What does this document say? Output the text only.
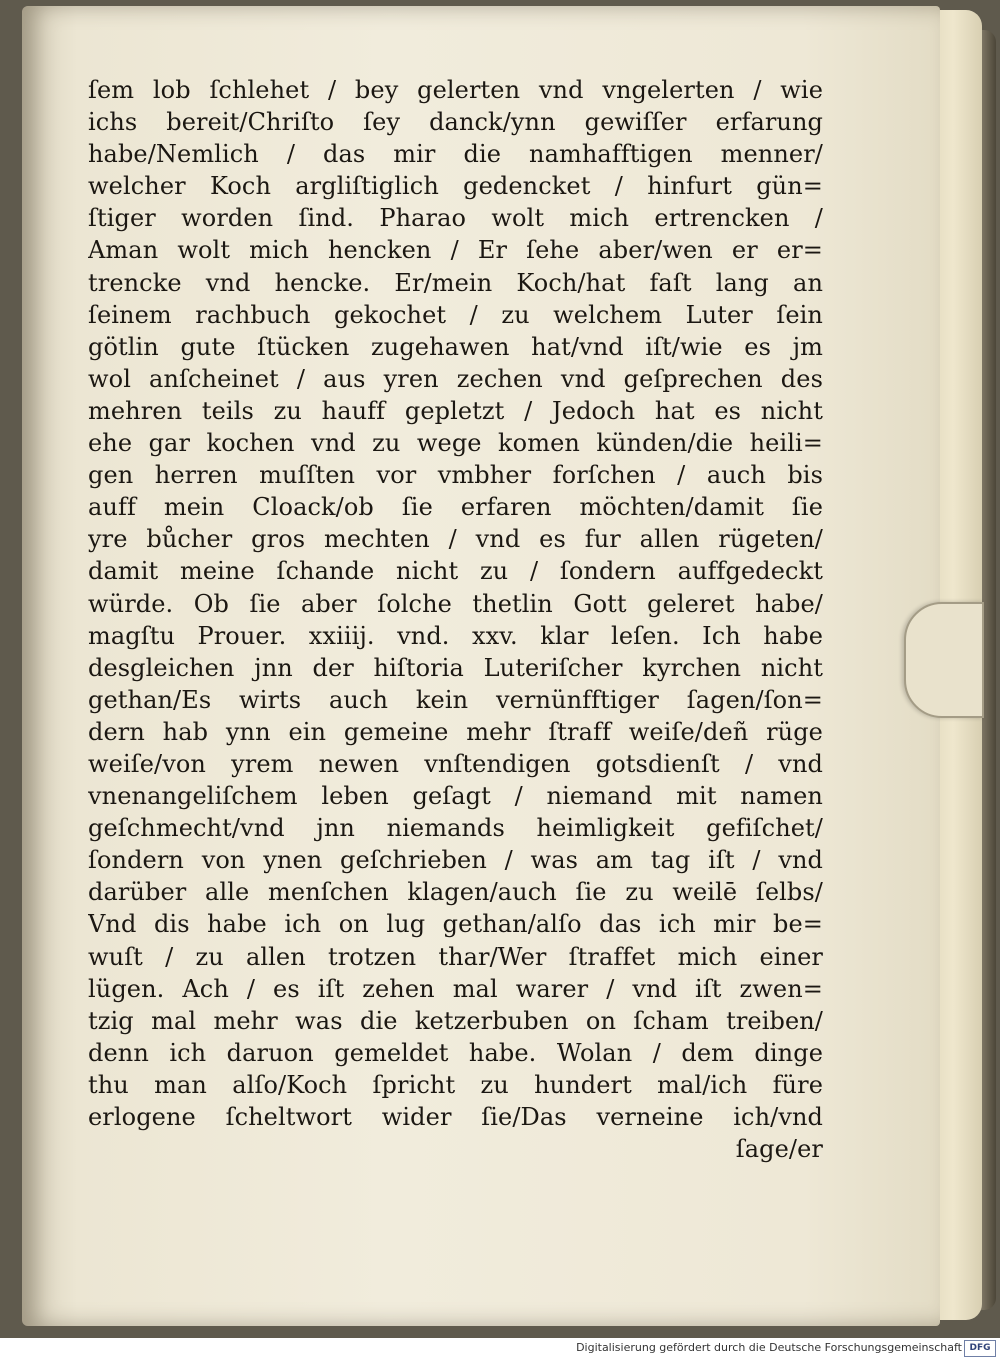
ſem lob ſchlehet / bey gelerten vnd vngelerten / wie
ichs bereit/Chriſto ſey danck/ynn gewiſſer erfarung
habe/Nemlich / das mir die namhafftigen menner/
welcher Koch argliſtiglich gedencket / hinfurt gün=
ſtiger worden ſind. Pharao wolt mich ertrencken /
Aman wolt mich hencken / Er ſehe aber/wen er er=
trencke vnd hencke. Er/mein Koch/hat faſt lang an
ſeinem rachbuch gekochet / zu welchem Luter ſein
götlin gute ſtücken zugehawen hat/vnd iſt/wie es jm
wol anſcheinet / aus yren zechen vnd geſprechen des
mehren teils zu hauff gepletzt / Jedoch hat es nicht
ehe gar kochen vnd zu wege komen künden/die heili=
gen herren muſſten vor vmbher forſchen / auch bis
auff mein Cloack/ob ſie erfaren möchten/damit ſie
yre bůcher gros mechten / vnd es fur allen rügeten/
damit meine ſchande nicht zu / ſondern auffgedeckt
würde. Ob ſie aber ſolche thetlin Gott geleret habe/
magſtu Prouer. xxiiij. vnd. xxv. klar leſen. Ich habe
desgleichen jnn der hiſtoria Luteriſcher kyrchen nicht
gethan/Es wirts auch kein vernünfftiger ſagen/ſon=
dern hab ynn ein gemeine mehr ſtraff weiſe/deñ rüge
weiſe/von yrem newen vnſtendigen gotsdienſt / vnd
vnenangeliſchem leben geſagt / niemand mit namen
geſchmecht/vnd jnn niemands heimligkeit gefiſchet/
ſondern von ynen geſchrieben / was am tag iſt / vnd
darüber alle menſchen klagen/auch ſie zu weilē ſelbs/
Vnd dis habe ich on lug gethan/alſo das ich mir be=
wuſt / zu allen trotzen thar/Wer ſtraffet mich einer
lügen. Ach / es iſt zehen mal warer / vnd iſt zwen=
tzig mal mehr was die ketzerbuben on ſcham treiben/
denn ich daruon gemeldet habe. Wolan / dem dinge
thu man alſo/Koch ſpricht zu hundert mal/ich füre
erlogene ſcheltwort wider ſie/Das verneine ich/vnd
ſage/er
Digitalisierung gefördert durch die Deutsche Forschungsgemeinschaft DFG
